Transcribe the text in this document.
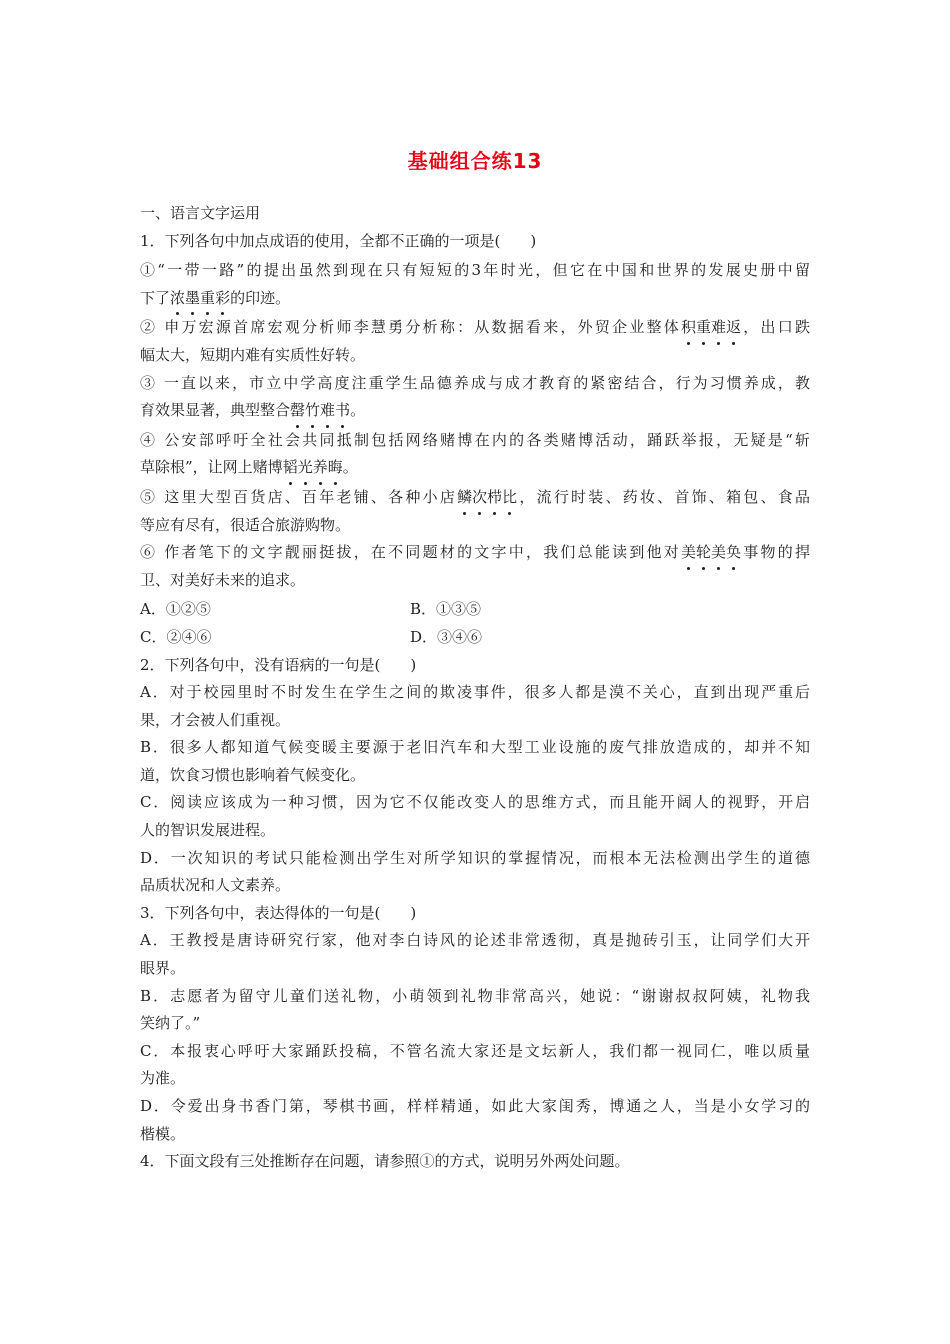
基础组合练13
一、语言文字运用
1．下列各句中加点成语的使用，全都不正确的一项是(　　)
①“一带一路”的提出虽然到现在只有短短的3年时光，但它在中国和世界的发展史册中留
下了浓墨重彩的印迹。
② 申万宏源首席宏观分析师李慧勇分析称：从数据看来，外贸企业整体积重难返，出口跌
幅太大，短期内难有实质性好转。
③ 一直以来，市立中学高度注重学生品德养成与成才教育的紧密结合，行为习惯养成，教
育效果显著，典型整合罄竹难书。
④ 公安部呼吁全社会共同抵制包括网络赌博在内的各类赌博活动，踊跃举报，无疑是“斩
草除根”，让网上赌博韬光养晦。
⑤ 这里大型百货店、百年老铺、各种小店鳞次栉比，流行时装、药妆、首饰、箱包、食品
等应有尽有，很适合旅游购物。
⑥ 作者笔下的文字靓丽挺拔，在不同题材的文字中，我们总能读到他对美轮美奂事物的捍
卫、对美好未来的追求。
A．①②⑤	B．①③⑤
C．②④⑥	D．③④⑥
2．下列各句中，没有语病的一句是(　　)
A．对于校园里时不时发生在学生之间的欺凌事件，很多人都是漠不关心，直到出现严重后
果，才会被人们重视。
B．很多人都知道气候变暖主要源于老旧汽车和大型工业设施的废气排放造成的，却并不知
道，饮食习惯也影响着气候变化。
C．阅读应该成为一种习惯，因为它不仅能改变人的思维方式，而且能开阔人的视野，开启
人的智识发展进程。
D．一次知识的考试只能检测出学生对所学知识的掌握情况，而根本无法检测出学生的道德
品质状况和人文素养。
3．下列各句中，表达得体的一句是(　　)
A．王教授是唐诗研究行家，他对李白诗风的论述非常透彻，真是抛砖引玉，让同学们大开
眼界。
B．志愿者为留守儿童们送礼物，小萌领到礼物非常高兴，她说：“谢谢叔叔阿姨，礼物我
笑纳了。”
C．本报衷心呼吁大家踊跃投稿，不管名流大家还是文坛新人，我们都一视同仁，唯以质量
为准。
D．令爱出身书香门第，琴棋书画，样样精通，如此大家闺秀，博通之人，当是小女学习的
楷模。
4．下面文段有三处推断存在问题，请参照①的方式，说明另外两处问题。
